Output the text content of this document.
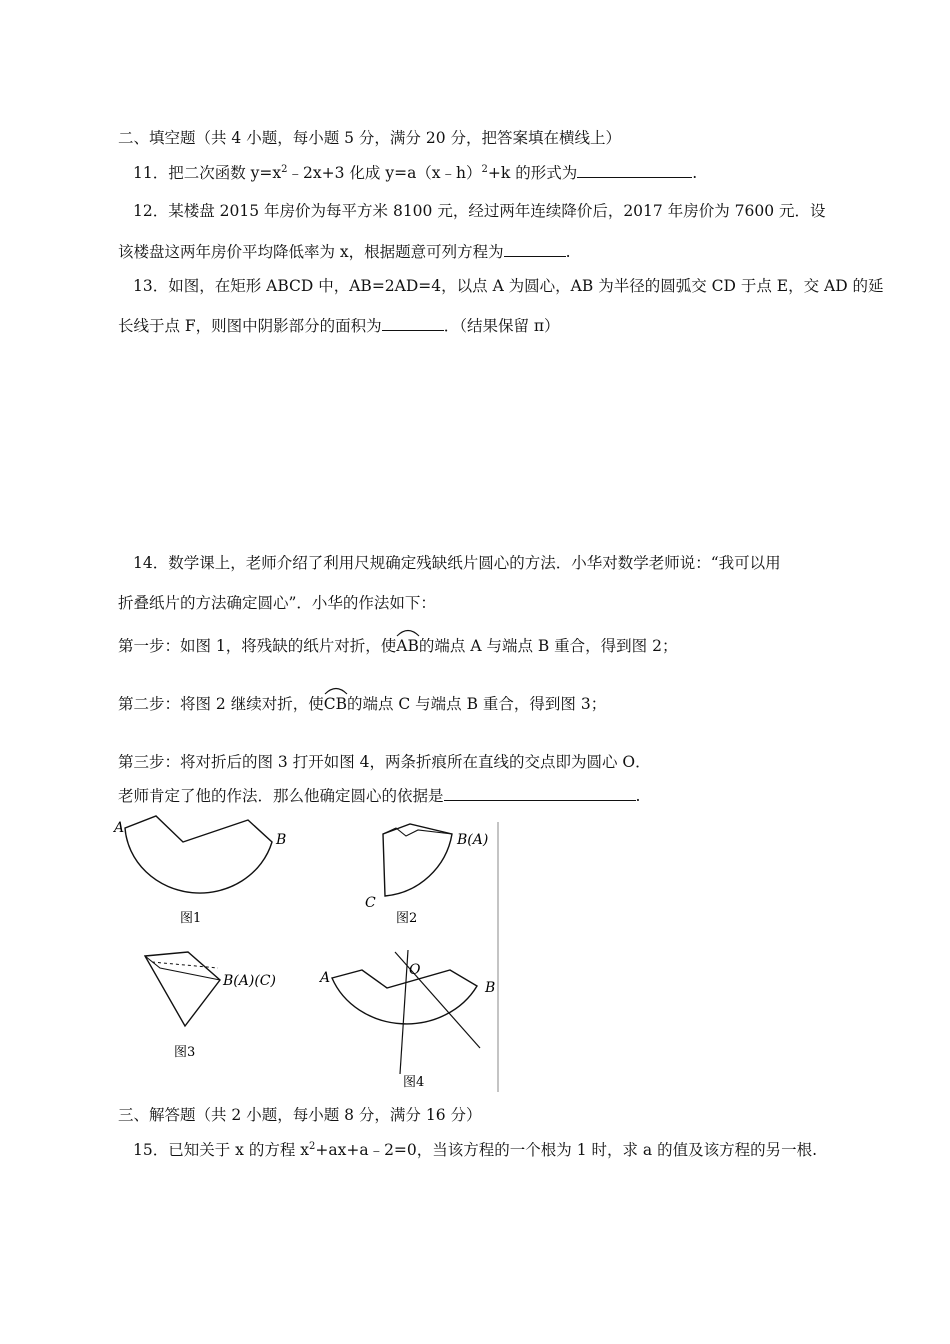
二、填空题（共 4 小题，每小题 5 分，满分 20 分，把答案填在横线上）
11．把二次函数 $y=x^2﹣2x+3$ 化成 y=a（x﹣h）$^2$+k 的形式为	.
12．某楼盘 2015 年房价为每平方米 8100 元，经过两年连续降价后，2017 年房价为 7600 元．设
该楼盘这两年房价平均降低率为 x，根据题意可列方程为	.
13．如图，在矩形 ABCD 中，AB=2AD=4，以点 A 为圆心，AB 为半径的圆弧交 CD 于点 E，交 AD 的延
长线于点 F，则图中阴影部分的面积为	．（结果保留 π）
14．数学课上，老师介绍了利用尺规确定残缺纸片圆心的方法．小华对数学老师说：“我可以用
折叠纸片的方法确定圆心”．小华的作法如下：
第一步：如图 1，将残缺的纸片对折，使
AB的端点 A 与端点 B 重合，得到图 2；
第二步：将图 2 继续对折，使
CB的端点 C 与端点 B 重合，得到图 3；
第三步：将对折后的图 3 打开如图 4，两条折痕所在直线的交点即为圆心 O．
老师肯定了他的作法．那么他确定圆心的依据是	.
A
B
图1
B(A)
C
图2
B(A)(C)
图3
A
B
O
图4
三、解答题（共 2 小题，每小题 8 分，满分 16 分）
15．已知关于 x 的方程 $x^2+ax+a﹣2=0$，当该方程的一个根为 1 时，求 a 的值及该方程的另一根.
